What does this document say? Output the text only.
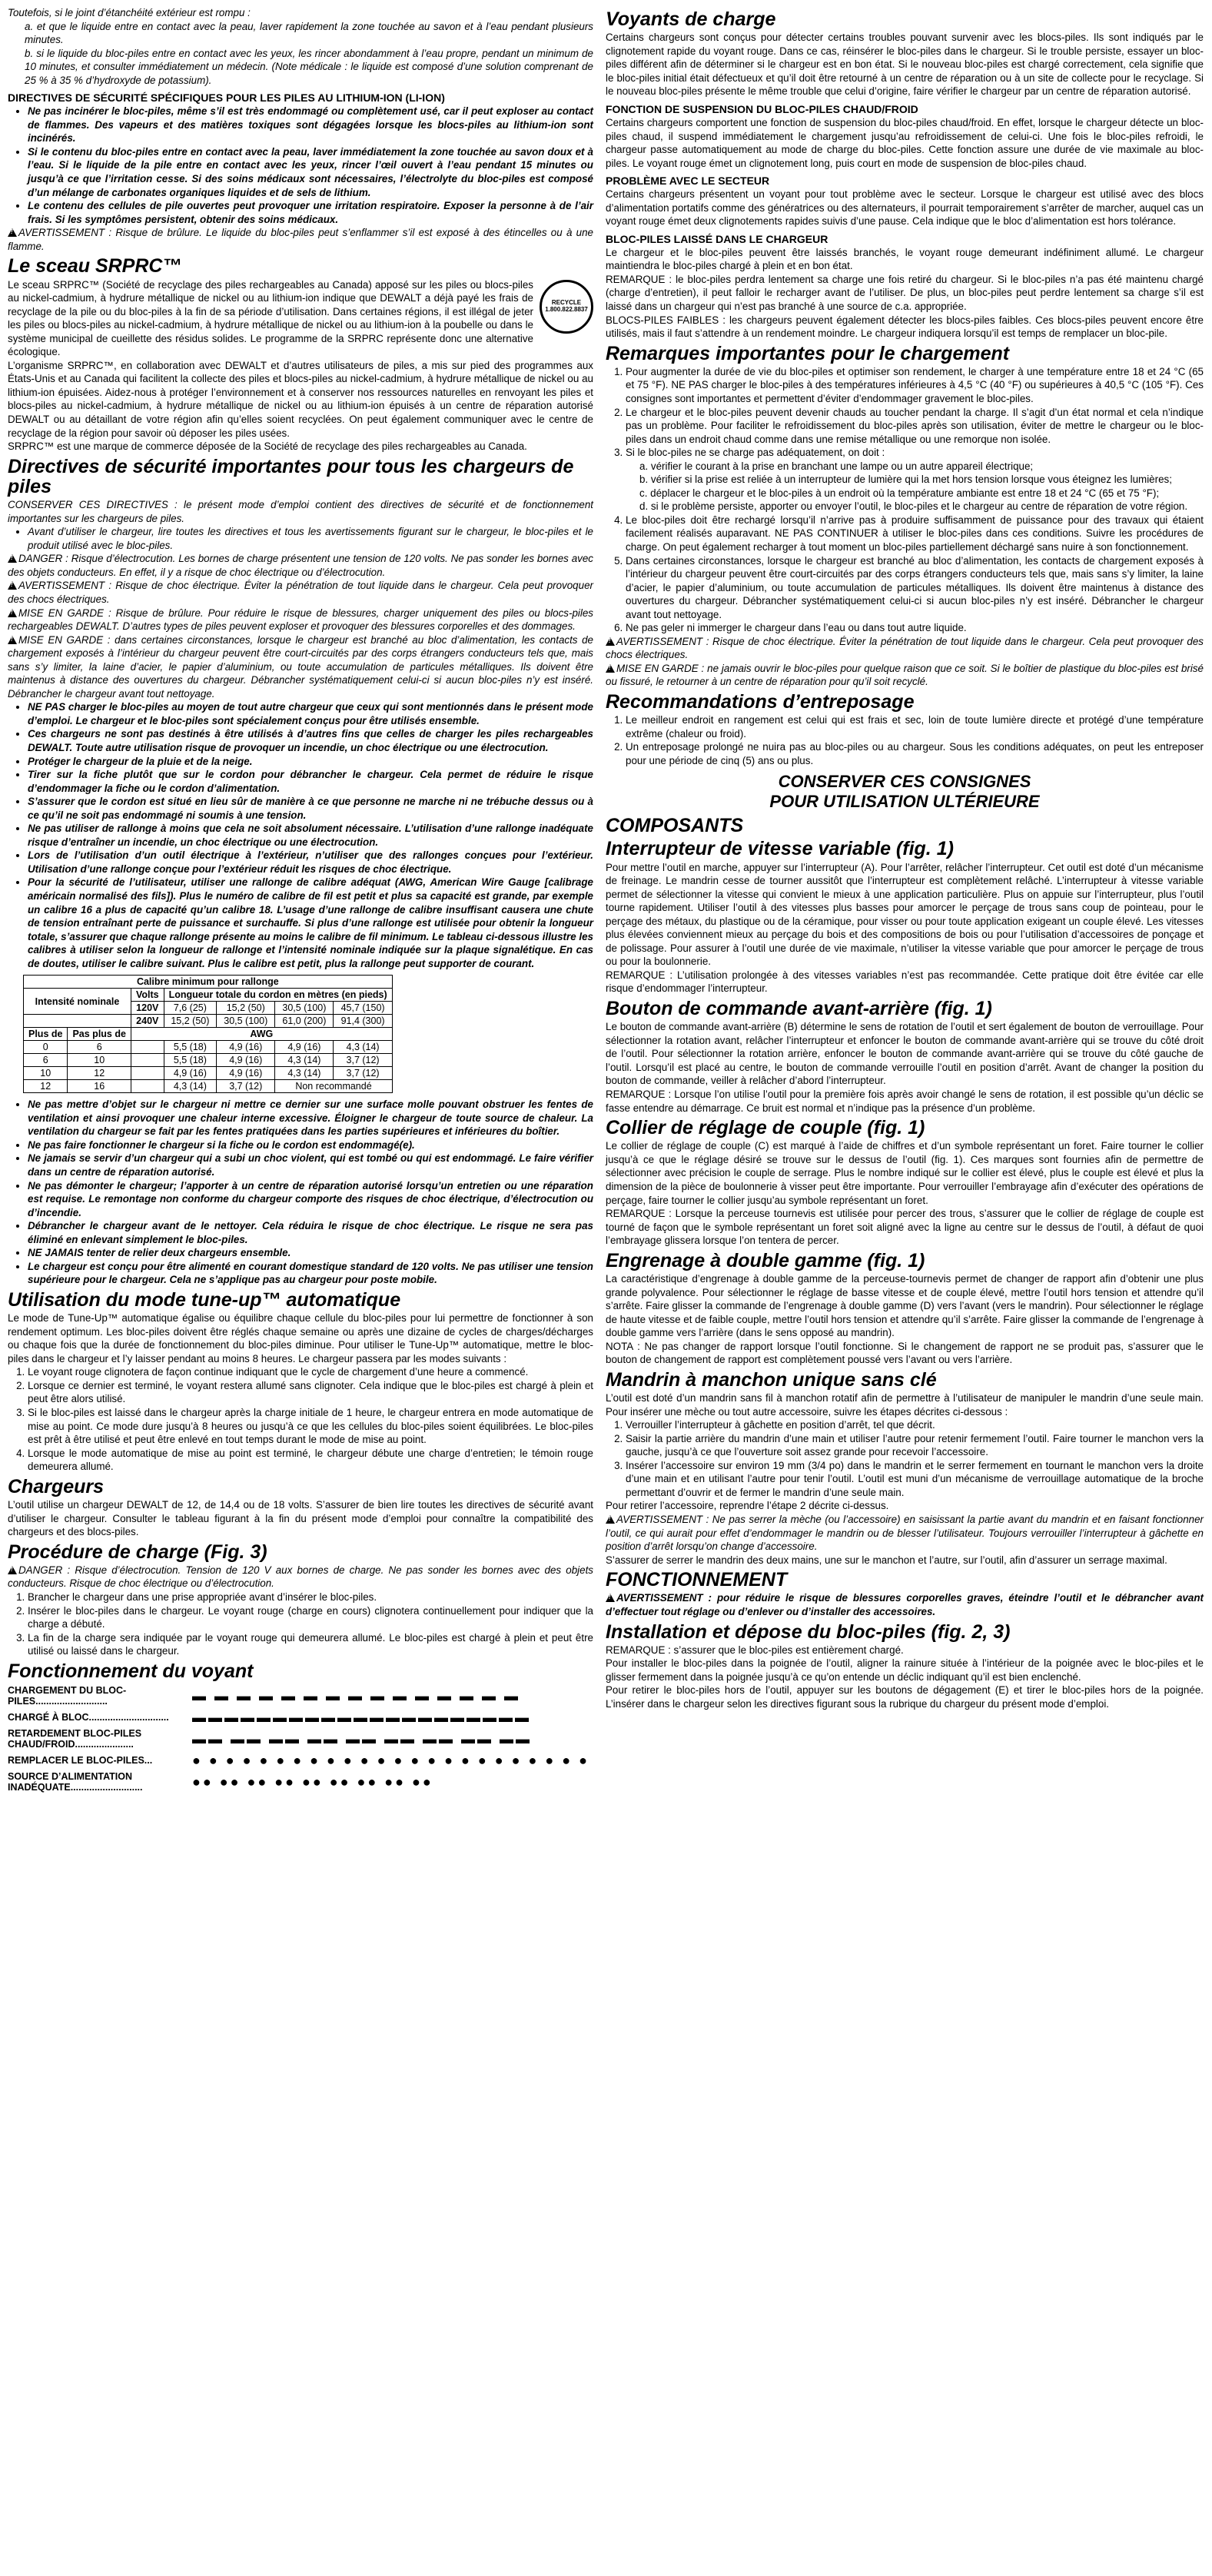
Toutefois, si le joint d’étanchéité extérieur est rompu :

a. et que le liquide entre en contact avec la peau, laver rapidement la zone touchée au savon et à l’eau pendant plusieurs minutes.

b. si le liquide du bloc-piles entre en contact avec les yeux, les rincer abondamment à l’eau propre, pendant un minimum de 10 minutes, et consulter immédiatement un médecin. (Note médicale : le liquide est composé d’une solution comprenant de 25 % à 35 % d’hydroxyde de potassium).

DIRECTIVES DE SÉCURITÉ SPÉCIFIQUES POUR LES PILES AU LITHIUM-ION (LI-ION)
• Ne pas incinérer le bloc-piles, même s’il est très endommagé ou complètement usé, car il peut exploser au contact de flammes. Des vapeurs et des matières toxiques sont dégagées lorsque les blocs-piles au lithium-ion sont incinérés.
• Si le contenu du bloc-piles entre en contact avec la peau, laver immédiatement la zone touchée au savon doux et à l’eau. Si le liquide de la pile entre en contact avec les yeux, rincer l’œil ouvert à l’eau pendant 15 minutes ou jusqu’à ce que l’irritation cesse. Si des soins médicaux sont nécessaires, l’électrolyte du bloc-piles est composé d’un mélange de carbonates organiques liquides et de sels de lithium.
• Le contenu des cellules de pile ouvertes peut provoquer une irritation respiratoire. Exposer la personne à de l’air frais. Si les symptômes persistent, obtenir des soins médicaux.

!AVERTISSEMENT : Risque de brûlure. Le liquide du bloc-piles peut s’enflammer s’il est exposé à des étincelles ou à une flamme.

Le sceau SRPRC™
RECYCLE 1.800.822.8837

Le sceau SRPRC™ (Société de recyclage des piles rechargeables au Canada) apposé sur les piles ou blocs-piles au nickel-cadmium, à hydrure métallique de nickel ou au lithium-ion indique que DEWALT a déjà payé les frais de recyclage de la pile ou du bloc-piles à la fin de sa période d’utilisation. Dans certaines régions, il est illégal de jeter les piles ou blocs-piles au nickel-cadmium, à hydrure métallique de nickel ou au lithium-ion à la poubelle ou dans le système municipal de cueillette des résidus solides. Le programme de la SRPRC représente donc une alternative écologique.

L’organisme SRPRC™, en collaboration avec DEWALT et d’autres utilisateurs de piles, a mis sur pied des programmes aux États-Unis et au Canada qui facilitent la collecte des piles et blocs-piles au nickel-cadmium, à hydrure métallique de nickel ou au lithium-ion épuisées. Aidez-nous à protéger l’environnement et à conserver nos ressources naturelles en renvoyant les piles et blocs-piles au nickel-cadmium, à hydrure métallique de nickel ou au lithium-ion épuisés à un centre de réparation autorisé DEWALT ou au détaillant de votre région afin qu’elles soient recyclées. On peut également communiquer avec le centre de recyclage de la région pour savoir où déposer les piles usées.

SRPRC™ est une marque de commerce déposée de la Société de recyclage des piles rechargeables au Canada.

Directives de sécurité importantes pour tous les chargeurs de piles

CONSERVER CES DIRECTIVES : le présent mode d’emploi contient des directives de sécurité et de fonctionnement importantes sur les chargeurs de piles.

• Avant d’utiliser le chargeur, lire toutes les directives et tous les avertissements figurant sur le chargeur, le bloc-piles et le produit utilisé avec le bloc-piles.

!DANGER : Risque d’électrocution. Les bornes de charge présentent une tension de 120 volts. Ne pas sonder les bornes avec des objets conducteurs. En effet, il y a risque de choc électrique ou d’électrocution.

!AVERTISSEMENT : Risque de choc électrique. Éviter la pénétration de tout liquide dans le chargeur. Cela peut provoquer des chocs électriques.

!MISE EN GARDE : Risque de brûlure. Pour réduire le risque de blessures, charger uniquement des piles ou blocs-piles rechargeables DEWALT. D’autres types de piles peuvent exploser et provoquer des blessures corporelles et des dommages.

!MISE EN GARDE : dans certaines circonstances, lorsque le chargeur est branché au bloc d’alimentation, les contacts de chargement exposés à l’intérieur du chargeur peuvent être court-circuités par des corps étrangers conducteurs tels que, mais sans s’y limiter, la laine d’acier, le papier d’aluminium, ou toute accumulation de particules métalliques. Ils doivent être maintenus à distance des ouvertures du chargeur. Débrancher systématiquement celui-ci si aucun bloc-piles n’y est inséré. Débrancher le chargeur avant tout nettoyage.

• NE PAS charger le bloc-piles au moyen de tout autre chargeur que ceux qui sont mentionnés dans le présent mode d’emploi. Le chargeur et le bloc-piles sont spécialement conçus pour être utilisés ensemble.
• Ces chargeurs ne sont pas destinés à être utilisés à d’autres fins que celles de charger les piles rechargeables DEWALT. Toute autre utilisation risque de provoquer un incendie, un choc électrique ou une électrocution.
• Protéger le chargeur de la pluie et de la neige.
• Tirer sur la fiche plutôt que sur le cordon pour débrancher le chargeur. Cela permet de réduire le risque d’endommager la fiche ou le cordon d’alimentation.
• S’assurer que le cordon est situé en lieu sûr de manière à ce que personne ne marche ni ne trébuche dessus ou à ce qu’il ne soit pas endommagé ni soumis à une tension.
• Ne pas utiliser de rallonge à moins que cela ne soit absolument nécessaire. L’utilisation d’une rallonge inadéquate risque d’entraîner un incendie, un choc électrique ou une électrocution.
• Lors de l’utilisation d’un outil électrique à l’extérieur, n’utiliser que des rallonges conçues pour l’extérieur. Utilisation d’une rallonge conçue pour l’extérieur réduit les risques de choc électrique.
• Pour la sécurité de l’utilisateur, utiliser une rallonge de calibre adéquat (AWG, American Wire Gauge [calibrage américain normalisé des fils]). Plus le numéro de calibre de fil est petit et plus sa capacité est grande, par exemple un calibre 16 a plus de capacité qu’un calibre 18. L’usage d’une rallonge de calibre insuffisant causera une chute de tension entraînant perte de puissance et surchauffe. Si plus d’une rallonge est utilisée pour obtenir la longueur totale, s’assurer que chaque rallonge présente au moins le calibre de fil minimum. Le tableau ci-dessous illustre les calibres à utiliser selon la longueur de rallonge et l’intensité nominale indiquée sur la plaque signalétique. En cas de doutes, utiliser le calibre suivant. Plus le calibre est petit, plus la rallonge peut supporter de courant.
Calibre minimum pour rallonge						
Intensité nominale		Volts	Longueur totale du cordon en mètres (en pieds)			
		120V	7,6 (25)	15,2 (50)	30,5 (100)	45,7 (150)
		240V	15,2 (50)	30,5 (100)	61,0 (200)	91,4 (300)
Plus de	Pas plus de	AWG				
0	6		5,5 (18)	4,9 (16)	4,9 (16)	4,3 (14)
6	10		5,5 (18)	4,9 (16)	4,3 (14)	3,7 (12)
10	12		4,9 (16)	4,9 (16)	4,3 (14)	3,7 (12)
12	16		4,3 (14)	3,7 (12)	Non recommandé	
• Ne pas mettre d’objet sur le chargeur ni mettre ce dernier sur une surface molle pouvant obstruer les fentes de ventilation et ainsi provoquer une chaleur interne excessive. Éloigner le chargeur de toute source de chaleur. La ventilation du chargeur se fait par les fentes pratiquées dans les parties supérieures et inférieures du boîtier.
• Ne pas faire fonctionner le chargeur si la fiche ou le cordon est endommagé(e).
• Ne jamais se servir d’un chargeur qui a subi un choc violent, qui est tombé ou qui est endommagé. Le faire vérifier dans un centre de réparation autorisé.
• Ne pas démonter le chargeur; l’apporter à un centre de réparation autorisé lorsqu’un entretien ou une réparation est requise. Le remontage non conforme du chargeur comporte des risques de choc électrique, d’électrocution ou d’incendie.
• Débrancher le chargeur avant de le nettoyer. Cela réduira le risque de choc électrique. Le risque ne sera pas éliminé en enlevant simplement le bloc-piles.
• NE JAMAIS tenter de relier deux chargeurs ensemble.
• Le chargeur est conçu pour être alimenté en courant domestique standard de 120 volts. Ne pas utiliser une tension supérieure pour le chargeur. Cela ne s’applique pas au chargeur pour poste mobile.
Utilisation du mode tune-up™ automatique

Le mode de Tune-Up™ automatique égalise ou équilibre chaque cellule du bloc-piles pour lui permettre de fonctionner à son rendement optimum. Les bloc-piles doivent être réglés chaque semaine ou après une dizaine de cycles de charges/décharges ou chaque fois que la durée de fonctionnement du bloc-piles diminue. Pour utiliser le Tune-Up™ automatique, mettre le bloc-piles dans le chargeur et l’y laisser pendant au moins 8 heures. Le chargeur passera par les modes suivants :

1. Le voyant rouge clignotera de façon continue indiquant que le cycle de chargement d’une heure a commencé.
2. Lorsque ce dernier est terminé, le voyant restera allumé sans clignoter. Cela indique que le bloc-piles est chargé à plein et peut être alors utilisé.
3. Si le bloc-piles est laissé dans le chargeur après la charge initiale de 1 heure, le chargeur entrera en mode automatique de mise au point. Ce mode dure jusqu’à 8 heures ou jusqu’à ce que les cellules du bloc-piles soient équilibrées. Le bloc-piles est prêt à être utilisé et peut être enlevé en tout temps durant le mode de mise au point.
4. Lorsque le mode automatique de mise au point est terminé, le chargeur débute une charge d’entretien; le témoin rouge demeurera allumé.
Chargeurs

L’outil utilise un chargeur DEWALT de 12, de 14,4 ou de 18 volts. S’assurer de bien lire toutes les directives de sécurité avant d’utiliser le chargeur. Consulter le tableau figurant à la fin du présent mode d’emploi pour connaître la compatibilité des chargeurs et des blocs-piles.

Procédure de charge (Fig. 3)

!DANGER : Risque d’électrocution. Tension de 120 V aux bornes de charge. Ne pas sonder les bornes avec des objets conducteurs. Risque de choc électrique ou d’électrocution.

1. Brancher le chargeur dans une prise appropriée avant d’insérer le bloc-piles.
2. Insérer le bloc-piles dans le chargeur. Le voyant rouge (charge en cours) clignotera continuellement pour indiquer que la charge a débuté.
3. La fin de la charge sera indiquée par le voyant rouge qui demeurera allumé. Le bloc-piles est chargé à plein et peut être utilisé ou laissé dans le chargeur.
Fonctionnement du voyant
CHARGEMENT DU BLOC-PILES...........................	▬ ▬ ▬ ▬ ▬ ▬ ▬ ▬ ▬ ▬ ▬ ▬ ▬ ▬ ▬
CHARGÉ À BLOC..............................	▬▬▬▬▬▬▬▬▬▬▬▬▬▬▬▬▬▬▬▬▬
RETARDEMENT BLOC-PILES CHAUD/FROID......................	▬▬ ▬▬ ▬▬ ▬▬ ▬▬ ▬▬ ▬▬ ▬▬ ▬▬
REMPLACER LE BLOC-PILES...	● ● ● ● ● ● ● ● ● ● ● ● ● ● ● ● ● ● ● ● ● ● ● ●
SOURCE D’ALIMENTATION INADÉQUATE...........................	●● ●● ●● ●● ●● ●● ●● ●● ●●
Voyants de charge

Certains chargeurs sont conçus pour détecter certains troubles pouvant survenir avec les blocs-piles. Ils sont indiqués par le clignotement rapide du voyant rouge. Dans ce cas, réinsérer le bloc-piles dans le chargeur. Si le trouble persiste, essayer un bloc-piles différent afin de déterminer si le chargeur est en bon état. Si le nouveau bloc-piles est chargé correctement, cela signifie que le bloc-piles initial était défectueux et qu’il doit être retourné à un centre de réparation ou à un site de collecte pour le recyclage. Si le nouveau bloc-piles présente le même trouble que celui d’origine, faire vérifier le chargeur par un centre de réparation autorisé.

FONCTION DE SUSPENSION DU BLOC-PILES CHAUD/FROID

Certains chargeurs comportent une fonction de suspension du bloc-piles chaud/froid. En effet, lorsque le chargeur détecte un bloc-piles chaud, il suspend immédiatement le chargement jusqu’au refroidissement de celui-ci. Une fois le bloc-piles refroidi, le chargeur passe automatiquement au mode de charge du bloc-piles. Cette fonction assure une durée de vie maximale au bloc-piles. Le voyant rouge émet un clignotement long, puis court en mode de suspension de bloc-piles chaud.

PROBLÈME AVEC LE SECTEUR

Certains chargeurs présentent un voyant pour tout problème avec le secteur. Lorsque le chargeur est utilisé avec des blocs d’alimentation portatifs comme des génératrices ou des alternateurs, il pourrait temporairement s’arrêter de marcher, auquel cas un voyant rouge émet deux clignotements rapides suivis d’une pause. Cela indique que le bloc d’alimentation est hors tolérance.

BLOC-PILES LAISSÉ DANS LE CHARGEUR

Le chargeur et le bloc-piles peuvent être laissés branchés, le voyant rouge demeurant indéfiniment allumé. Le chargeur maintiendra le bloc-piles chargé à plein et en bon état.

REMARQUE : le bloc-piles perdra lentement sa charge une fois retiré du chargeur. Si le bloc-piles n’a pas été maintenu chargé (charge d’entretien), il peut falloir le recharger avant de l’utiliser. De plus, un bloc-piles peut perdre lentement sa charge s’il est laissé dans un chargeur qui n’est pas branché à une source de c.a. appropriée.

BLOCS-PILES FAIBLES : les chargeurs peuvent également détecter les blocs-piles faibles. Ces blocs-piles peuvent encore être utilisés, mais il faut s’attendre à un rendement moindre. Le chargeur indiquera lorsqu’il est temps de remplacer un bloc-pile.

Remarques importantes pour le chargement
1. Pour augmenter la durée de vie du bloc-piles et optimiser son rendement, le charger à une température entre 18 et 24 °C (65 et 75 °F). NE PAS charger le bloc-piles à des températures inférieures à 4,5 °C (40 °F) ou supérieures à 40,5 °C (105 °F). Ces consignes sont importantes et permettent d’éviter d’endommager gravement le bloc-piles.
2. Le chargeur et le bloc-piles peuvent devenir chauds au toucher pendant la charge. Il s’agit d’un état normal et cela n’indique pas un problème. Pour faciliter le refroidissement du bloc-piles après son utilisation, éviter de mettre le chargeur ou le bloc-piles dans un endroit chaud comme dans une remise métallique ou une remorque non isolée.
3. Si le bloc-piles ne se charge pas adéquatement, on doit :

a. vérifier le courant à la prise en branchant une lampe ou un autre appareil électrique;

b. vérifier si la prise est reliée à un interrupteur de lumière qui la met hors tension lorsque vous éteignez les lumières;

c. déplacer le chargeur et le bloc-piles à un endroit où la température ambiante est entre 18 et 24 °C (65 et 75 °F);

d. si le problème persiste, apporter ou envoyer l’outil, le bloc-piles et le chargeur au centre de réparation de votre région.

4. Le bloc-piles doit être rechargé lorsqu’il n’arrive pas à produire suffisamment de puissance pour des travaux qui étaient facilement réalisés auparavant. NE PAS CONTINUER à utiliser le bloc-piles dans ces conditions. Suivre les procédures de charge. On peut également recharger à tout moment un bloc-piles partiellement déchargé sans nuire à son fonctionnement.
5. Dans certaines circonstances, lorsque le chargeur est branché au bloc d’alimentation, les contacts de chargement exposés à l’intérieur du chargeur peuvent être court-circuités par des corps étrangers conducteurs tels que, mais sans s’y limiter, la laine d’acier, le papier d’aluminium, ou toute accumulation de particules métalliques. Ils doivent être maintenus à distance des ouvertures du chargeur. Débrancher systématiquement celui-ci si aucun bloc-piles n’y est inséré. Débrancher le chargeur avant tout nettoyage.
6. Ne pas geler ni immerger le chargeur dans l’eau ou dans tout autre liquide.

!AVERTISSEMENT : Risque de choc électrique. Éviter la pénétration de tout liquide dans le chargeur. Cela peut provoquer des chocs électriques.

!MISE EN GARDE : ne jamais ouvrir le bloc-piles pour quelque raison que ce soit. Si le boîtier de plastique du bloc-piles est brisé ou fissuré, le retourner à un centre de réparation pour qu’il soit recyclé.

Recommandations d’entreposage
1. Le meilleur endroit en rangement est celui qui est frais et sec, loin de toute lumière directe et protégé d’une température extrême (chaleur ou froid).
2. Un entreposage prolongé ne nuira pas au bloc-piles ou au chargeur. Sous les conditions adéquates, on peut les entreposer pour une période de cinq (5) ans ou plus.
CONSERVER CES CONSIGNES
POUR UTILISATION ULTÉRIEURE
COMPOSANTS
Interrupteur de vitesse variable (fig. 1)

Pour mettre l’outil en marche, appuyer sur l’interrupteur (A). Pour l’arrêter, relâcher l’interrupteur. Cet outil est doté d’un mécanisme de freinage. Le mandrin cesse de tourner aussitôt que l’interrupteur est complètement relâché. L’interrupteur à vitesse variable permet de sélectionner la vitesse qui convient le mieux à une application particulière. Plus on appuie sur l’interrupteur, plus l’outil tourne rapidement. Utiliser l’outil à des vitesses plus basses pour amorcer le perçage de trous sans coup de pointeau, pour le perçage des métaux, du plastique ou de la céramique, pour visser ou pour toute application exigeant un couple élevé. Les vitesses plus élevées conviennent mieux au perçage du bois et des compositions de bois ou pour l’utilisation d’accessoires de ponçage et de polissage. Pour assurer à l’outil une durée de vie maximale, n’utiliser la vitesse variable que pour amorcer le perçage de trous ou pour la boulonnerie.

REMARQUE : L’utilisation prolongée à des vitesses variables n’est pas recommandée. Cette pratique doit être évitée car elle risque d’endommager l’interrupteur.

Bouton de commande avant-arrière (fig. 1)

Le bouton de commande avant-arrière (B) détermine le sens de rotation de l’outil et sert également de bouton de verrouillage. Pour sélectionner la rotation avant, relâcher l’interrupteur et enfoncer le bouton de commande avant-arrière qui se trouve du côté droit de l’outil. Pour sélectionner la rotation arrière, enfoncer le bouton de commande avant-arrière qui se trouve du côté gauche de l’outil. Lorsqu’il est placé au centre, le bouton de commande verrouille l’outil en position d’arrêt. Avant de changer la position du bouton de commande, veiller à relâcher d’abord l’interrupteur.

REMARQUE : Lorsque l’on utilise l’outil pour la première fois après avoir changé le sens de rotation, il est possible qu’un déclic se fasse entendre au démarrage. Ce bruit est normal et n’indique pas la présence d’un problème.

Collier de réglage de couple (fig. 1)

Le collier de réglage de couple (C) est marqué à l’aide de chiffres et d’un symbole représentant un foret. Faire tourner le collier jusqu’à ce que le réglage désiré se trouve sur le dessus de l’outil (fig. 1). Ces marques sont fournies afin de permettre de sélectionner avec précision le couple de serrage. Plus le nombre indiqué sur le collier est élevé, plus le couple est élevé et plus la dimension de la pièce de boulonnerie à visser peut être importante. Pour verrouiller l’embrayage afin d’exécuter des opérations de perçage, faire tourner le collier jusqu’au symbole représentant un foret.

REMARQUE : Lorsque la perceuse tournevis est utilisée pour percer des trous, s’assurer que le collier de réglage de couple est tourné de façon que le symbole représentant un foret soit aligné avec la ligne au centre sur le dessus de l’outil, à défaut de quoi l’embrayage glissera lorsque l’on tentera de percer.

Engrenage à double gamme (fig. 1)

La caractéristique d’engrenage à double gamme de la perceuse-tournevis permet de changer de rapport afin d’obtenir une plus grande polyvalence. Pour sélectionner le réglage de basse vitesse et de couple élevé, mettre l’outil hors tension et attendre qu’il s’arrête. Faire glisser la commande de l’engrenage à double gamme (D) vers l’avant (vers le mandrin). Pour sélectionner le réglage de haute vitesse et de faible couple, mettre l’outil hors tension et attendre qu’il s’arrête. Faire glisser la commande de l’engrenage à double gamme vers l’arrière (dans le sens opposé au mandrin).

NOTA : Ne pas changer de rapport lorsque l’outil fonctionne. Si le changement de rapport ne se produit pas, s’assurer que le bouton de changement de rapport est complètement poussé vers l’avant ou vers l’arrière.

Mandrin à manchon unique sans clé

L’outil est doté d’un mandrin sans fil à manchon rotatif afin de permettre à l’utilisateur de manipuler le mandrin d’une seule main. Pour insérer une mèche ou tout autre accessoire, suivre les étapes décrites ci-dessous :

1. Verrouiller l’interrupteur à gâchette en position d’arrêt, tel que décrit.
2. Saisir la partie arrière du mandrin d’une main et utiliser l’autre pour retenir fermement l’outil. Faire tourner le manchon vers la gauche, jusqu’à ce que l’ouverture soit assez grande pour recevoir l’accessoire.
3. Insérer l’accessoire sur environ 19 mm (3/4 po) dans le mandrin et le serrer fermement en tournant le manchon vers la droite d’une main et en utilisant l’autre pour tenir l’outil. L’outil est muni d’un mécanisme de verrouillage automatique de la broche permettant d’ouvrir et de fermer le mandrin d’une seule main.

Pour retirer l’accessoire, reprendre l’étape 2 décrite ci-dessus.

!AVERTISSEMENT : Ne pas serrer la mèche (ou l’accessoire) en saisissant la partie avant du mandrin et en faisant fonctionner l’outil, ce qui aurait pour effet d’endommager le mandrin ou de blesser l’utilisateur. Toujours verrouiller l’interrupteur à gâchette en position d’arrêt lorsqu’on change d’accessoire.

S’assurer de serrer le mandrin des deux mains, une sur le manchon et l’autre, sur l’outil, afin d’assurer un serrage maximal.

FONCTIONNEMENT

!AVERTISSEMENT : pour réduire le risque de blessures corporelles graves, éteindre l’outil et le débrancher avant d’effectuer tout réglage ou d’enlever ou d’installer des accessoires.

Installation et dépose du bloc-piles (fig. 2, 3)

REMARQUE : s’assurer que le bloc-piles est entièrement chargé.

Pour installer le bloc-piles dans la poignée de l’outil, aligner la rainure située à l’intérieur de la poignée avec le bloc-piles et le glisser fermement dans la poignée jusqu’à ce qu’on entende un déclic indiquant qu’il est bien enclenché.

Pour retirer le bloc-piles hors de l’outil, appuyer sur les boutons de dégagement (E) et tirer le bloc-piles hors de la poignée. L’insérer dans le chargeur selon les directives figurant sous la rubrique du chargeur du présent mode d’emploi.
